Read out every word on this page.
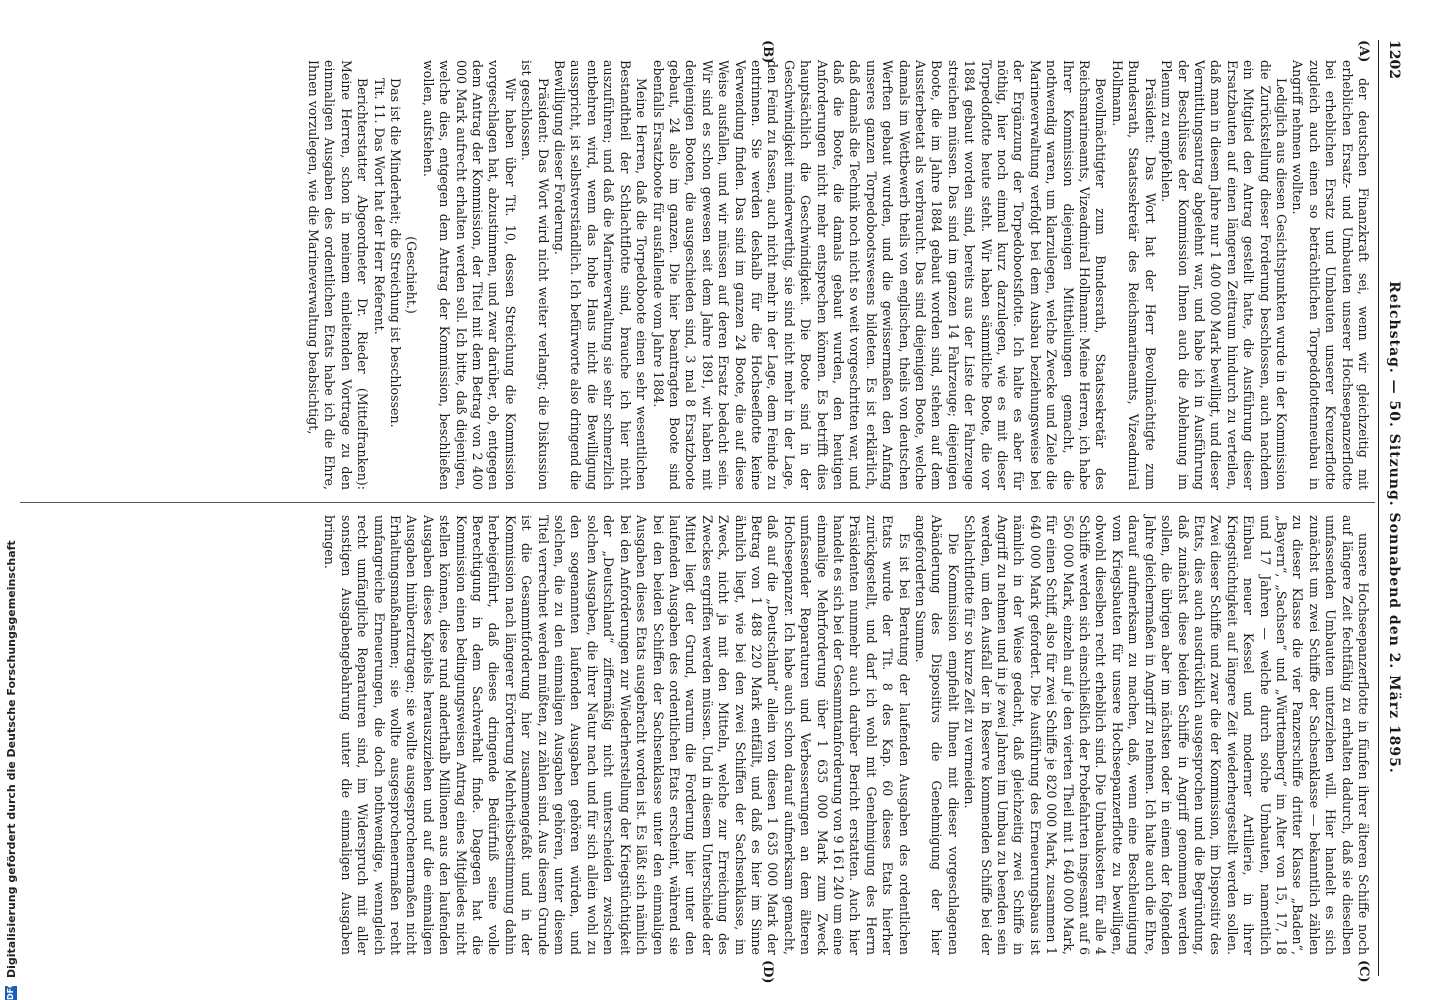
1202
Reichstag. — 50. Sitzung. Sonnabend den 2. März 1895.
(A)
(B)
(C)
(D)

der deutschen Finanzkraft sei, wenn wir gleichzeitig mit erheblichen Ersatz- und Umbauten unserer Hochseepanzerflotte bei erheblichen Ersatz und Umbauten unserer Kreuzerflotte zugleich auch einen so beträchtlichen Torpedoflottenneubau in Angriff nehmen wollten.

Lediglich aus diesen Gesichtspunkten wurde in der Kommission die Zurückstellung dieser Forderung beschlossen, auch nachdem ein Mitglied den Antrag gestellt hatte, die Ausführung dieser Ersatzbauten auf einen längeren Zeitraum hindurch zu verteilen, daß man in diesem Jahre nur 1 400 000 Mark bewilligt, und dieser Vermittlungsantrag abgelehnt war, und habe ich in Ausführung der Beschlüsse der Kommission Ihnen auch die Ablehnung im Plenum zu empfehlen.

Präsident: Das Wort hat der Herr Bevollmächtigte zum Bundesrath, Staatssekretär des Reichsmarineamts, Vizeadmiral Hollmann.

Bevollmächtigter zum Bundesrath, Staatssekretär des Reichsmarineamts, Vizeadmiral Hollmann: Meine Herren, ich habe Ihrer Kommission diejenigen Mittheilungen gemacht, die nothwendig waren, um klarzulegen, welche Zwecke und Ziele die Marineverwaltung verfolgt bei dem Ausbau beziehungsweise bei der Ergänzung der Torpedobootsflotte. Ich halte es aber für nöthig, hier noch einmal kurz darzulegen, wie es mit dieser Torpedoflotte heute steht. Wir haben sämmtliche Boote, die vor 1884 gebaut worden sind, bereits aus der Liste der Fahrzeuge streichen müssen. Das sind im ganzen 14 Fahrzeuge; diejenigen Boote, die im Jahre 1884 gebaut worden sind, stehen auf dem Aussterbeetat als verbraucht. Das sind diejenigen Boote, welche damals im Wettbewerb theils von englischen, theils von deutschen Werften gebaut wurden, und die gewissermaßen den Anfang unseres ganzen Torpedobootswesens bildeten. Es ist erklärlich, daß damals die Technik noch nicht so weit vorgeschritten war, und daß die Boote, die damals gebaut wurden, den heutigen Anforderungen nicht mehr entsprechen können. Es betrifft dies hauptsächlich die Geschwindigkeit. Die Boote sind in der Geschwindigkeit minderwerthig, sie sind nicht mehr in der Lage, den Feind zu fassen, auch nicht mehr in der Lage, dem Feinde zu entrinnen. Sie werden deshalb für die Hochseeflotte keine Verwendung finden. Das sind im ganzen 24 Boote, die auf diese Weise ausfallen, und wir müssen auf deren Ersatz bedacht sein. Wir sind es schon gewesen seit dem Jahre 1891, wir haben mit denjenigen Booten, die ausgeschieden sind, 3 mal 8 Ersatzboote gebaut, 24 also im ganzen. Die hier beantragten Boote sind ebenfalls Ersatzboote für ausfallende vom Jahre 1884.

Meine Herren, daß die Torpedoboote einen sehr wesentlichen Bestandtheil der Schlachtflotte sind, brauche ich hier nicht auszuführen; und daß die Marineverwaltung sie sehr schmerzlich entbehren wird, wenn das hohe Haus nicht die Bewilligung ausspricht, ist selbstverständlich. Ich befürworte also dringend die Bewilligung dieser Forderung.

Präsident: Das Wort wird nicht weiter verlangt; die Diskussion ist geschlossen.

Wir haben über Tit. 10, dessen Streichung die Kommission vorgeschlagen hat, abzustimmen, und zwar darüber, ob, entgegen dem Antrag der Kommission, der Titel mit dem Betrag von 2 400 000 Mark aufrecht erhalten werden soll. Ich bitte, daß diejenigen, welche dies, entgegen dem Antrag der Kommission, beschließen wollen, aufstehen.

(Geschieht.)

Das ist die Minderheit; die Streichung ist beschlossen.

Tit. 11. Das Wort hat der Herr Referent.

Berichterstatter Abgeordneter Dr. Rieder (Mittelfranken): Meine Herren, schon in meinem einleitenden Vortrage zu den einmaligen Ausgaben des ordentlichen Etats habe ich die Ehre, Ihnen vorzulegen, wie die Marineverwaltung beabsichtigt,

unsere Hochseepanzerflotte in fünfen ihrer älteren Schiffe noch auf längere Zeit fechtfähig zu erhalten dadurch, daß sie dieselben umfassenden Umbauten unterziehen will. Hier handelt es sich zunächst um zwei Schiffe der Sachsenklasse — bekanntlich zählen zu dieser Klasse die vier Panzerschiffe dritter Klasse „Baden“, „Bayern“, „Sachsen“ und „Württemberg“ im Alter von 15, 17, 18 und 17 Jahren — welche durch solche Umbauten, namentlich Einbau neuer Kessel und moderner Artillerie, in ihrer Kriegstüchtigkeit auf längere Zeit wiederhergestellt werden sollen. Zwei dieser Schiffe und zwar die der Kommission, im Dispositiv des Etats, dies auch ausdrücklich ausgesprochen und die Begründung, daß zunächst diese beiden Schiffe in Angriff genommen werden sollen, die übrigen aber im nächsten oder in einem der folgenden Jahre gleichermaßen in Angriff zu nehmen. Ich halte auch die Ehre, darauf aufmerksam zu machen, daß, wenn eine Beschleunigung vom Kriegsbauten für unsere Hochseepanzerflotte zu bewilligen, obwohl dieselben recht erheblich sind. Die Umbaukosten für alle 4 Schiffe werden sich einschließlich der Probefahrten insgesamt auf 6 560 000 Mark, einzeln auf je den vierten Theil mit 1 640 000 Mark, für einen Schiff, also für zwei Schiffe je 820 000 Mark, zusammen 1 640 000 Mark gefordert. Die Ausführung des Erneuerungsbaus ist nämlich in der Weise gedacht, daß gleichzeitig zwei Schiffe in Angriff zu nehmen und in je zwei Jahren im Umbau zu beenden sein werden, um den Ausfall der in Reserve kommenden Schiffe bei der Schlachtflotte für so kurze Zeit zu vermeiden.

Die Kommission empfiehlt Ihnen mit dieser vorgeschlagenen Abänderung des Dispositivs die Genehmigung der hier angeforderten Summe.

Es ist bei Beratung der laufenden Ausgaben des ordentlichen Etats wurde der Tit. 8 des Kap. 60 dieses Etats hierher zurückgestellt, und darf ich wohl mit Genehmigung des Herrn Präsidenten nunmehr auch darüber Bericht erstatten. Auch hier handelt es sich bei der Gesammtanforderung von 9 161 240 um eine einmalige Mehrforderung über 1 635 000 Mark zum Zweck umfassender Reparaturen und Verbesserungen an dem älteren Hochseepanzer. Ich habe auch schon darauf aufmerksam gemacht, daß auf die „Deutschland“ allein von diesen 1 635 000 Mark der Betrag von 1 488 220 Mark entfällt, und daß es hier im Sinne ähnlich liegt, wie bei den zwei Schiffen der Sachsenklasse, im Zweck, nicht ja mit den Mitteln, welche zur Erreichung des Zweckes ergriffen werden müssen. Und in diesem Unterschiede der Mittel liegt der Grund, warum die Forderung hier unter den laufenden Ausgaben des ordentlichen Etats erscheint, während sie bei den beiden Schiffen der Sachsenklasse unter den einmaligen Ausgaben dieses Etats ausgebracht worden ist. Es läßt sich nämlich bei den Anforderungen zur Wiederherstellung der Kriegstüchtigkeit der „Deutschland“ ziffermäßig nicht unterscheiden zwischen solchen Ausgaben, die ihrer Natur nach und für sich allein wohl zu den sogenannten laufenden Ausgaben gehören würden, und solchen, die zu den einmaligen Ausgaben gehören, unter diesem Titel verrechnet werden müßten, zu zählen sind. Aus diesem Grunde ist die Gesammtforderung hier zusammengefaßt und in der Kommission nach längerer Erörterung Mehrheitsbestimmung dahin herbeigeführt, daß dieses dringende Bedürfniß seine volle Berechtigung in dem Sachverhalt finde. Dagegen hat die Kommission einen bedingungsweisen Antrag eines Mitgliedes nicht stellen können, diese rund anderthalb Millionen aus den laufenden Ausgaben dieses Kapitels herauszuziehen und auf die einmaligen Ausgaben hinüberzutragen; sie wollte ausgesprochenermaßen nicht Erhaltungsmaßnahmen; sie wollte ausgesprochenermaßen recht umfangreiche Erneuerungen, die doch nothwendige, wenngleich recht umfängliche Reparaturen sind, im Widerspruch mit aller sonstigen Ausgabengebahrung unter die einmaligen Ausgaben bringen.

DFG
Digitalisierung gefördert durch die Deutsche Forschungsgemeinschaft
